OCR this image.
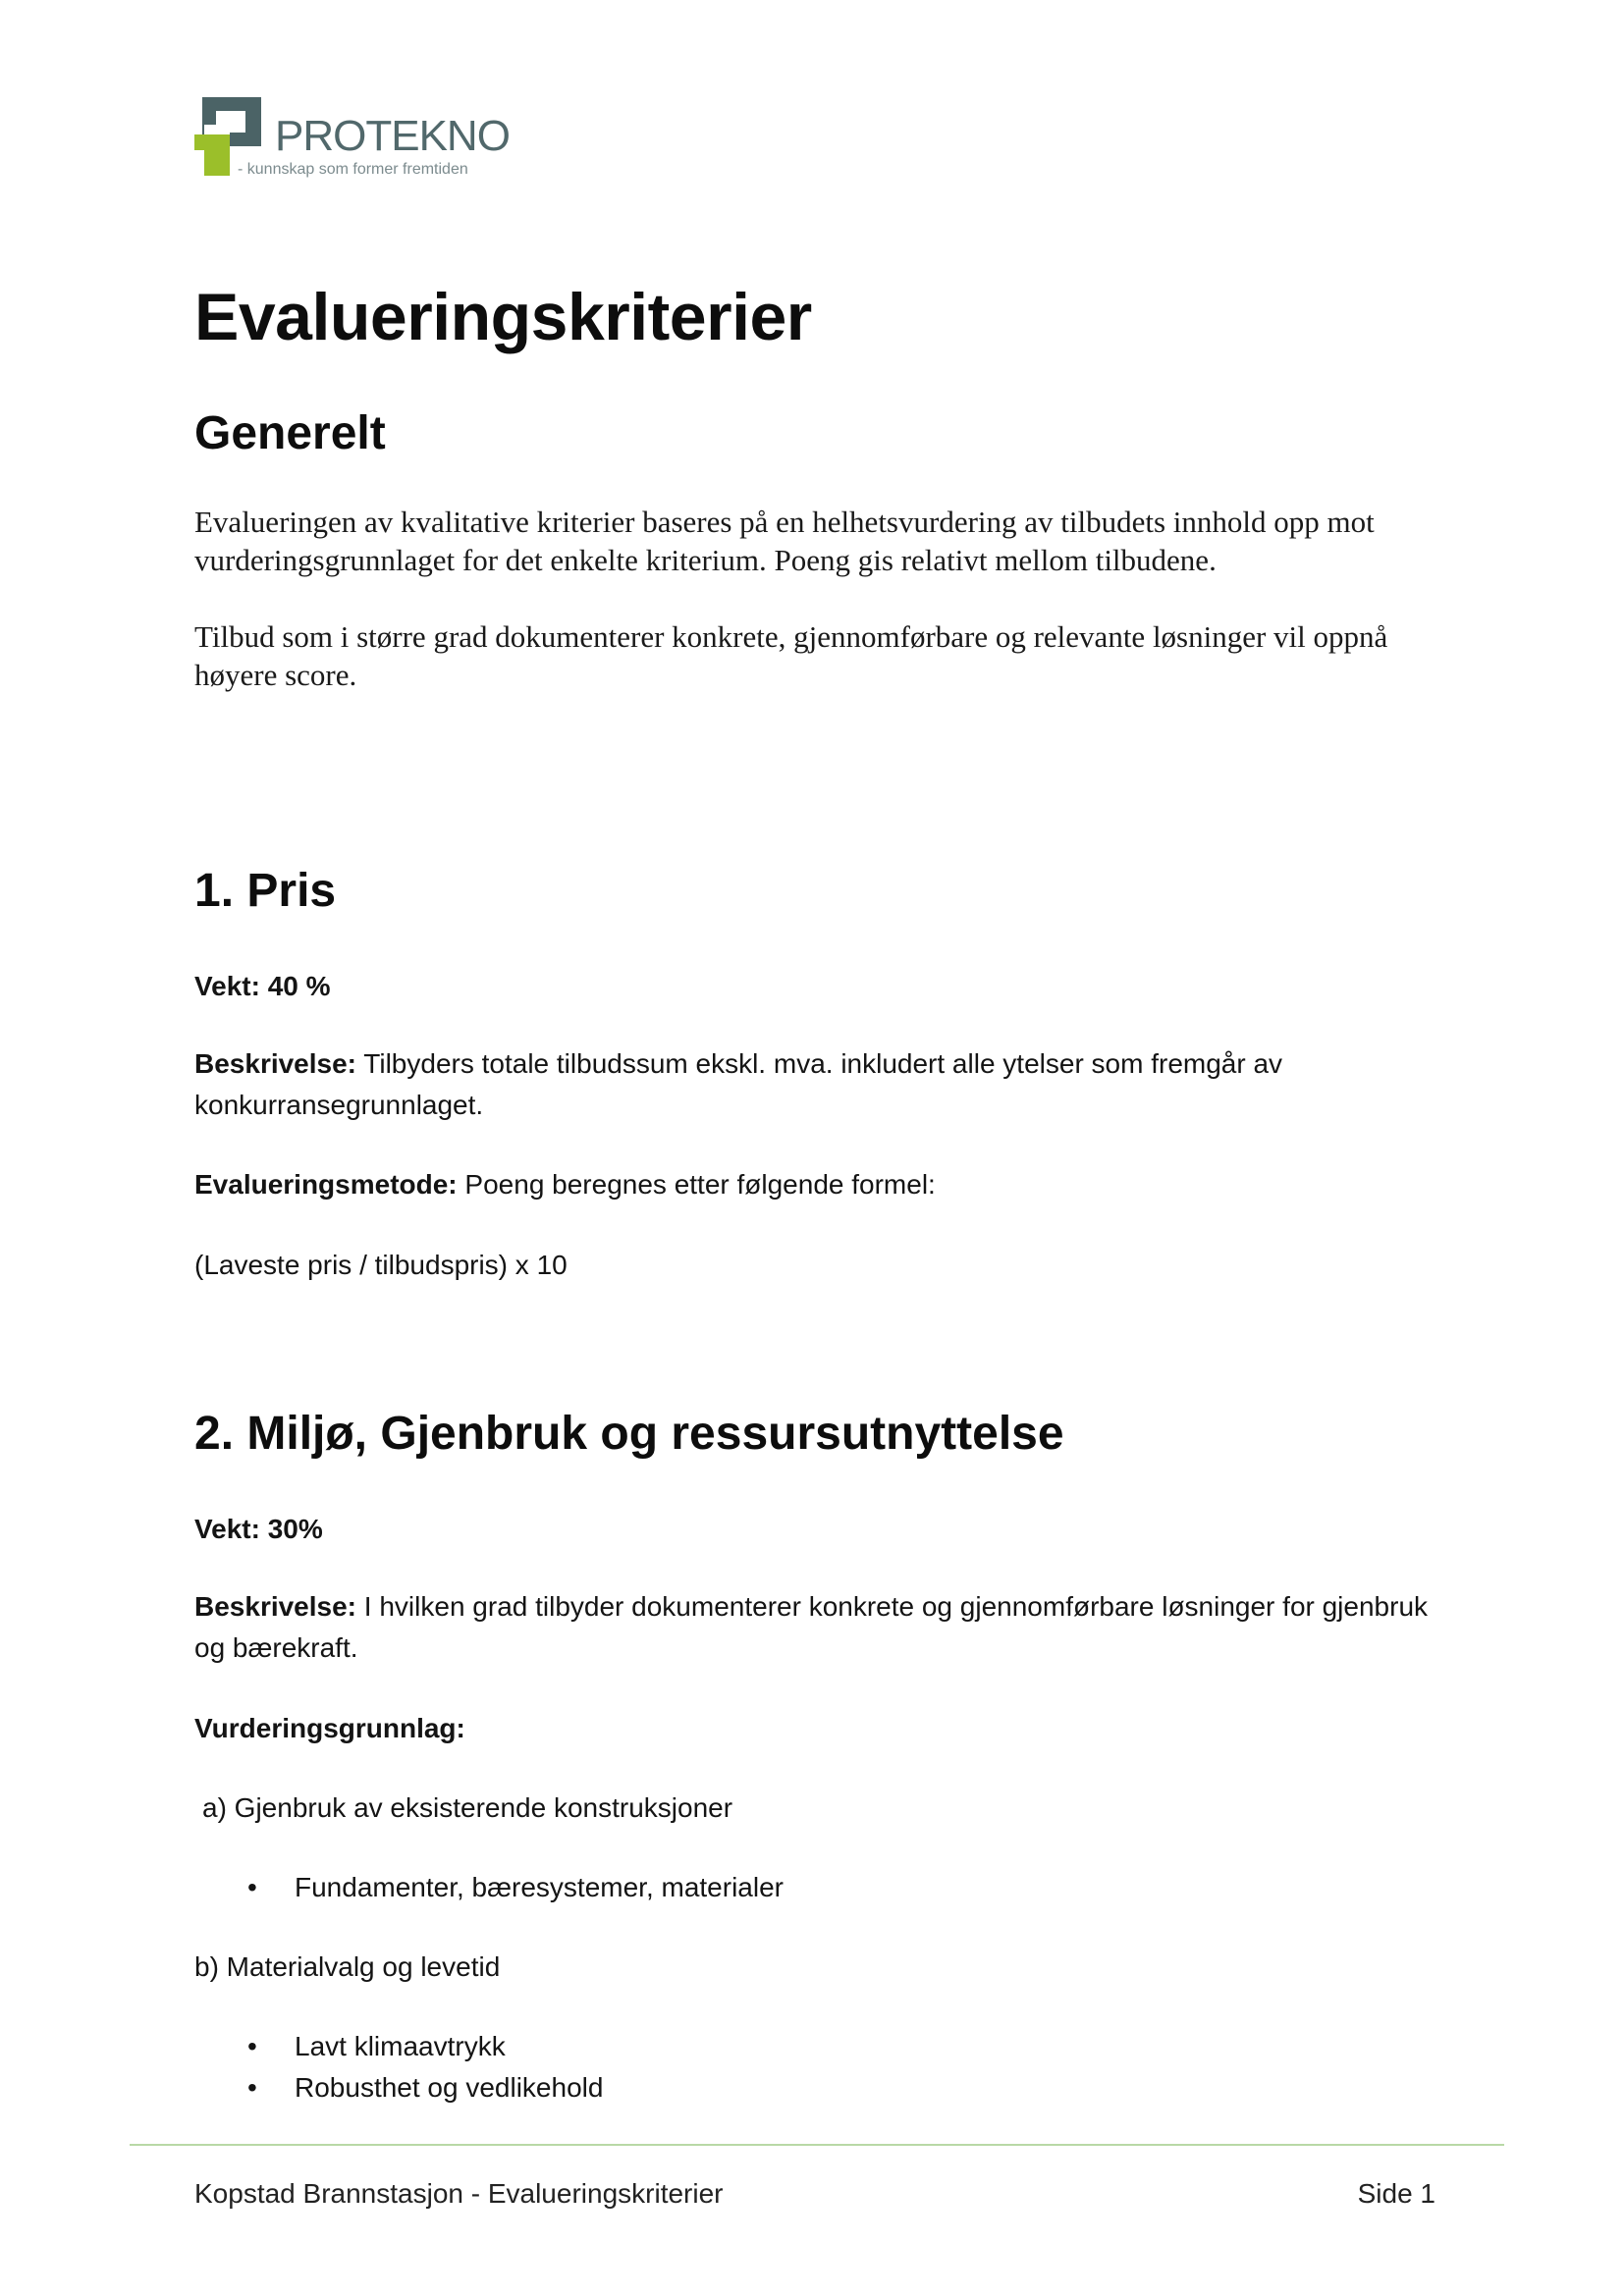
PROTEKNO
- kunnskap som former fremtiden
Evalueringskriterier
Generelt

Evalueringen av kvalitative kriterier baseres på en helhetsvurdering av tilbudets innhold opp mot vurderingsgrunnlaget for det enkelte kriterium. Poeng gis relativt mellom tilbudene.

Tilbud som i større grad dokumenterer konkrete, gjennomførbare og relevante løsninger vil oppnå høyere score.

1. Pris

Vekt: 40 %

Beskrivelse: Tilbyders totale tilbudssum ekskl. mva. inkludert alle ytelser som fremgår av konkurransegrunnlaget.

Evalueringsmetode: Poeng beregnes etter følgende formel:

(Laveste pris / tilbudspris) x 10

2. Miljø, Gjenbruk og ressursutnyttelse

Vekt: 30%

Beskrivelse: I hvilken grad tilbyder dokumenterer konkrete og gjennomførbare løsninger for gjenbruk og bærekraft.

Vurderingsgrunnlag:

a) Gjenbruk av eksisterende konstruksjoner

• Fundamenter, bæresystemer, materialer

b) Materialvalg og levetid

• Lavt klimaavtrykk
• Robusthet og vedlikehold
Kopstad Brannstasjon - Evalueringskriterier	Side 1
